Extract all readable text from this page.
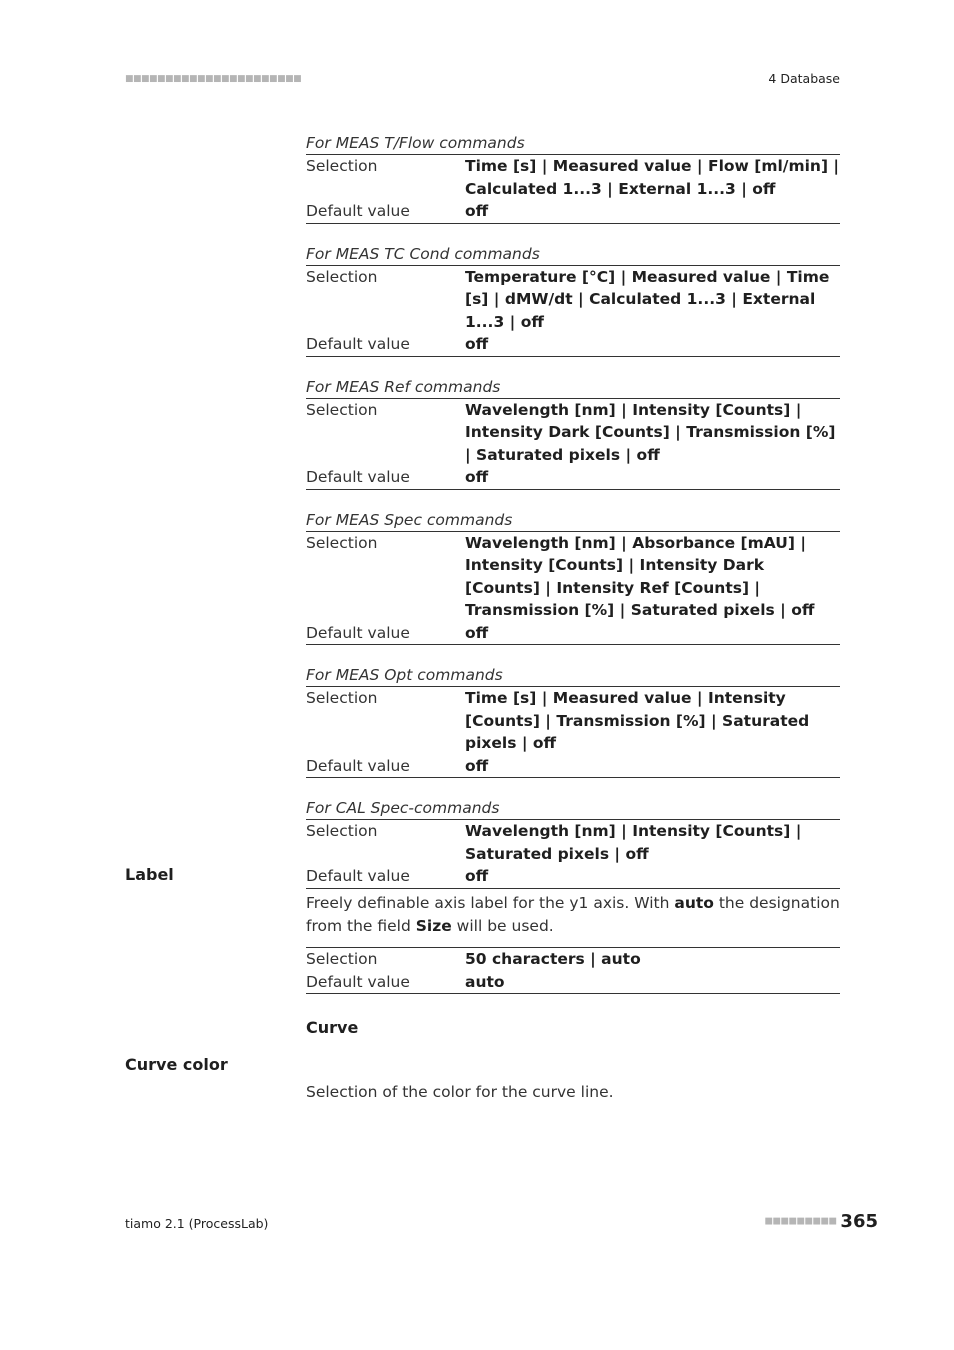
■■■■■■■■■■■■■■■■■■■■■■	4 Database
For MEAS T/Flow commands
Selection	Time [s] | Measured value | Flow [ml/min] | Calculated 1...3 | External 1...3 | off
Default value	off
For MEAS TC Cond commands
Selection	Temperature [°C] | Measured value | Time [s] | dMW/dt | Calculated 1...3 | External 1...3 | off
Default value	off
For MEAS Ref commands
Selection	Wavelength [nm] | Intensity [Counts] | Intensity Dark [Counts] | Transmission [%] | Saturated pixels | off
Default value	off
For MEAS Spec commands
Selection	Wavelength [nm] | Absorbance [mAU] | Intensity [Counts] | Intensity Dark [Counts] | Intensity Ref [Counts] | Transmission [%] | Saturated pixels | off
Default value	off
For MEAS Opt commands
Selection	Time [s] | Measured value | Intensity [Counts] | Transmission [%] | Saturated pixels | off
Default value	off
For CAL Spec-commands
Selection	Wavelength [nm] | Intensity [Counts] | Saturated pixels | off
Default value	off
Label
Freely definable axis label for the y1 axis. With auto the designation from the field Size will be used.
Selection	50 characters | auto
Default value	auto
Curve
Curve color
Selection of the color for the curve line.
tiamo 2.1 (ProcessLab)	■■■■■■■■■ 365
